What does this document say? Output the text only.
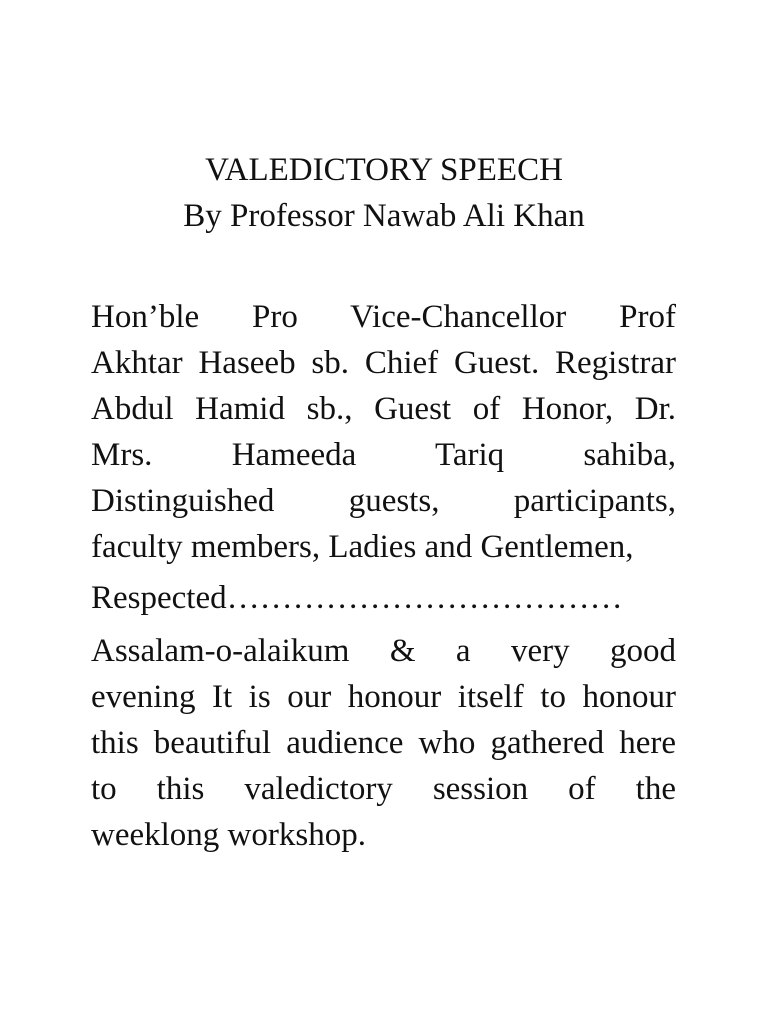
VALEDICTORY SPEECH
By Professor Nawab Ali Khan
Hon’ble Pro Vice-Chancellor Prof
Akhtar Haseeb sb. Chief Guest. Registrar
Abdul Hamid sb., Guest of Honor, Dr.
Mrs. Hameeda Tariq sahiba,
Distinguished guests, participants,
faculty members, Ladies and Gentlemen,
Respected………………………………
Assalam-o-alaikum & a very good
evening It is our honour itself to honour
this beautiful audience who gathered here
to this valedictory session of the
weeklong workshop.
